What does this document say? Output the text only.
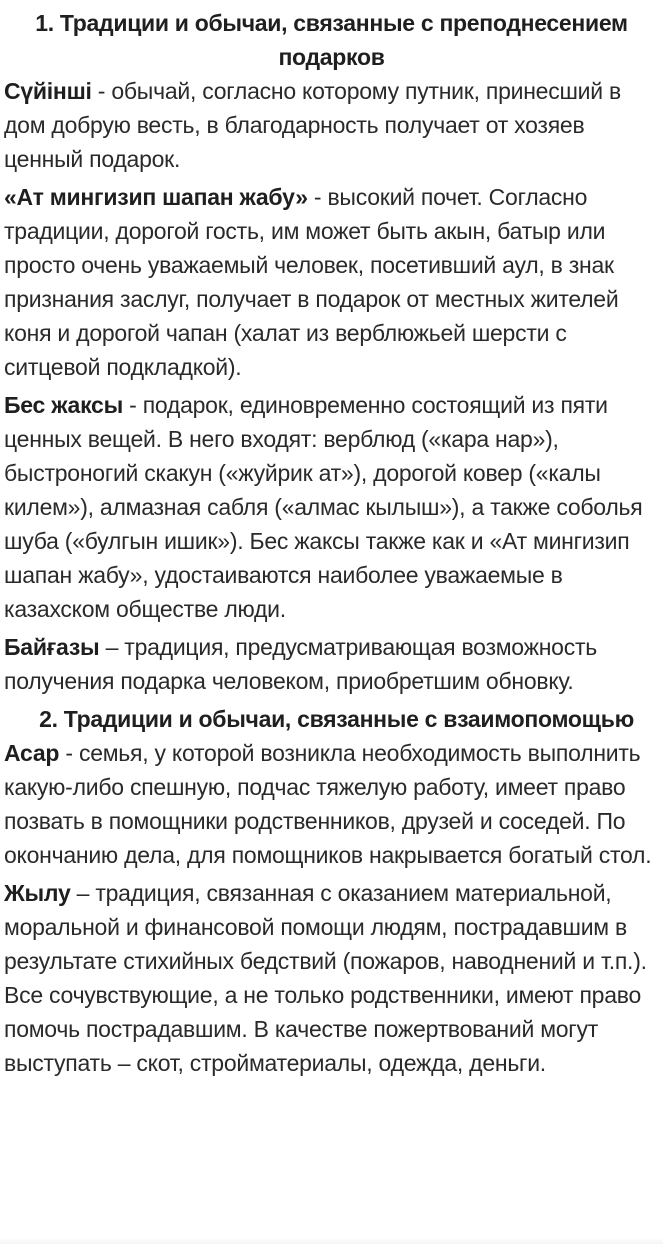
1. Традиции и обычаи, связанные с преподнесением подарков

Сүйінші - обычай, согласно которому путник, принесший в дом добрую весть, в благодарность получает от хозяев ценный подарок.

«Ат мингизип шапан жабу» - высокий почет. Согласно традиции, дорогой гость, им может быть акын, батыр или просто очень уважаемый человек, посетивший аул, в знак признания заслуг, получает в подарок от местных жителей коня и дорогой чапан (халат из верблюжьей шерсти с ситцевой подкладкой).

Бес жаксы - подарок, единовременно состоящий из пяти ценных вещей. В него входят: верблюд («кара нар»), быстроногий скакун («жуйрик ат»), дорогой ковер («калы килем»), алмазная сабля («алмас кылыш»), а также соболья шуба («булгын ишик»). Бес жаксы также как и «Ат мингизип шапан жабу», удостаиваются наиболее уважаемые в казахском обществе люди.

Байғазы – традиция, предусматривающая возможность получения подарка человеком, приобретшим обновку.

2. Традиции и обычаи, связанные с взаимопомощью

Асар - семья, у которой возникла необходимость выполнить какую-либо спешную, подчас тяжелую работу, имеет право позвать в помощники родственников, друзей и соседей. По окончанию дела, для помощников накрывается богатый стол.

Жылу – традиция, связанная с оказанием материальной, моральной и финансовой помощи людям, пострадавшим в результате стихийных бедствий (пожаров, наводнений и т.п.). Все сочувствующие, а не только родственники, имеют право помочь пострадавшим. В качестве пожертвований могут выступать – скот, стройматериалы, одежда, деньги.
